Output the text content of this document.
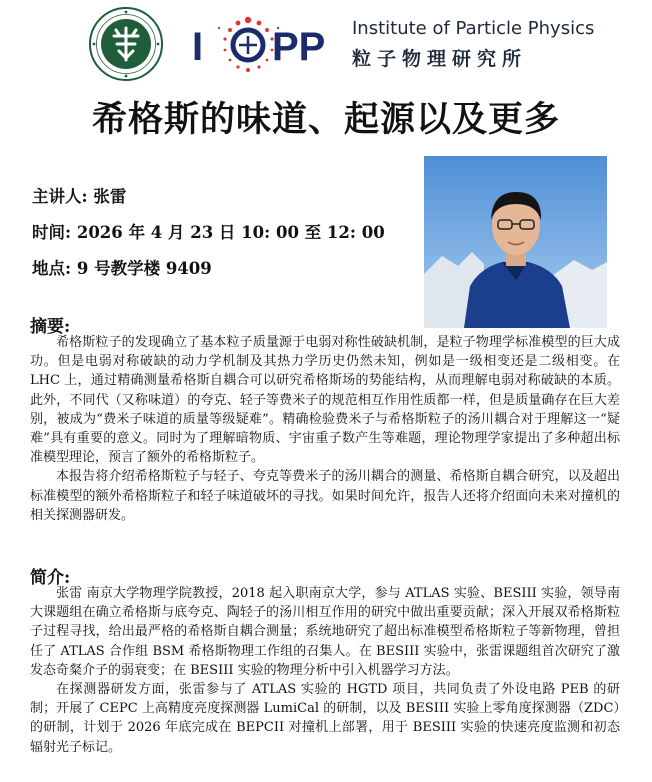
I PP Institute of Particle Physics
粒子物理研究所
希格斯的味道、起源以及更多
主讲人: 张雷
时间: 2026 年 4 月 23 日 10: 00 至 12: 00
地点: 9 号教学楼 9409
摘要:

希格斯粒子的发现确立了基本粒子质量源于电弱对称性破缺机制，是粒子物理学标准模型的巨大成功。但是电弱对称破缺的动力学机制及其热力学历史仍然未知，例如是一级相变还是二级相变。在 LHC 上，通过精确测量希格斯自耦合可以研究希格斯场的势能结构，从而理解电弱对称破缺的本质。此外，不同代（又称味道）的夸克、轻子等费米子的规范相互作用性质都一样，但是质量确存在巨大差别，被成为“费米子味道的质量等级疑难”。精确检验费米子与希格斯粒子的汤川耦合对于理解这一“疑难”具有重要的意义。同时为了理解暗物质、宇宙重子数产生等难题，理论物理学家提出了多种超出标准模型理论，预言了额外的希格斯粒子。

本报告将介绍希格斯粒子与轻子、夸克等费米子的汤川耦合的测量、希格斯自耦合研究，以及超出标准模型的额外希格斯粒子和轻子味道破坏的寻找。如果时间允许，报告人还将介绍面向未来对撞机的相关探测器研发。

简介:

张雷 南京大学物理学院教授，2018 起入职南京大学，参与 ATLAS 实验、BESIII 实验，领导南大课题组在确立希格斯与底夸克、陶轻子的汤川相互作用的研究中做出重要贡献；深入开展双希格斯粒子过程寻找，给出最严格的希格斯自耦合测量；系统地研究了超出标准模型希格斯粒子等新物理，曾担任了 ATLAS 合作组 BSM 希格斯物理工作组的召集人。在 BESIII 实验中，张雷课题组首次研究了激发态奇粲介子的弱衰变；在 BESIII 实验的物理分析中引入机器学习方法。

在探测器研发方面，张雷参与了 ATLAS 实验的 HGTD 项目，共同负责了外设电路 PEB 的研制；开展了 CEPC 上高精度亮度探测器 LumiCal 的研制，以及 BESIII 实验上零角度探测器（ZDC）的研制，计划于 2026 年底完成在 BEPCII 对撞机上部署，用于 BESIII 实验的快速亮度监测和初态辐射光子标记。
